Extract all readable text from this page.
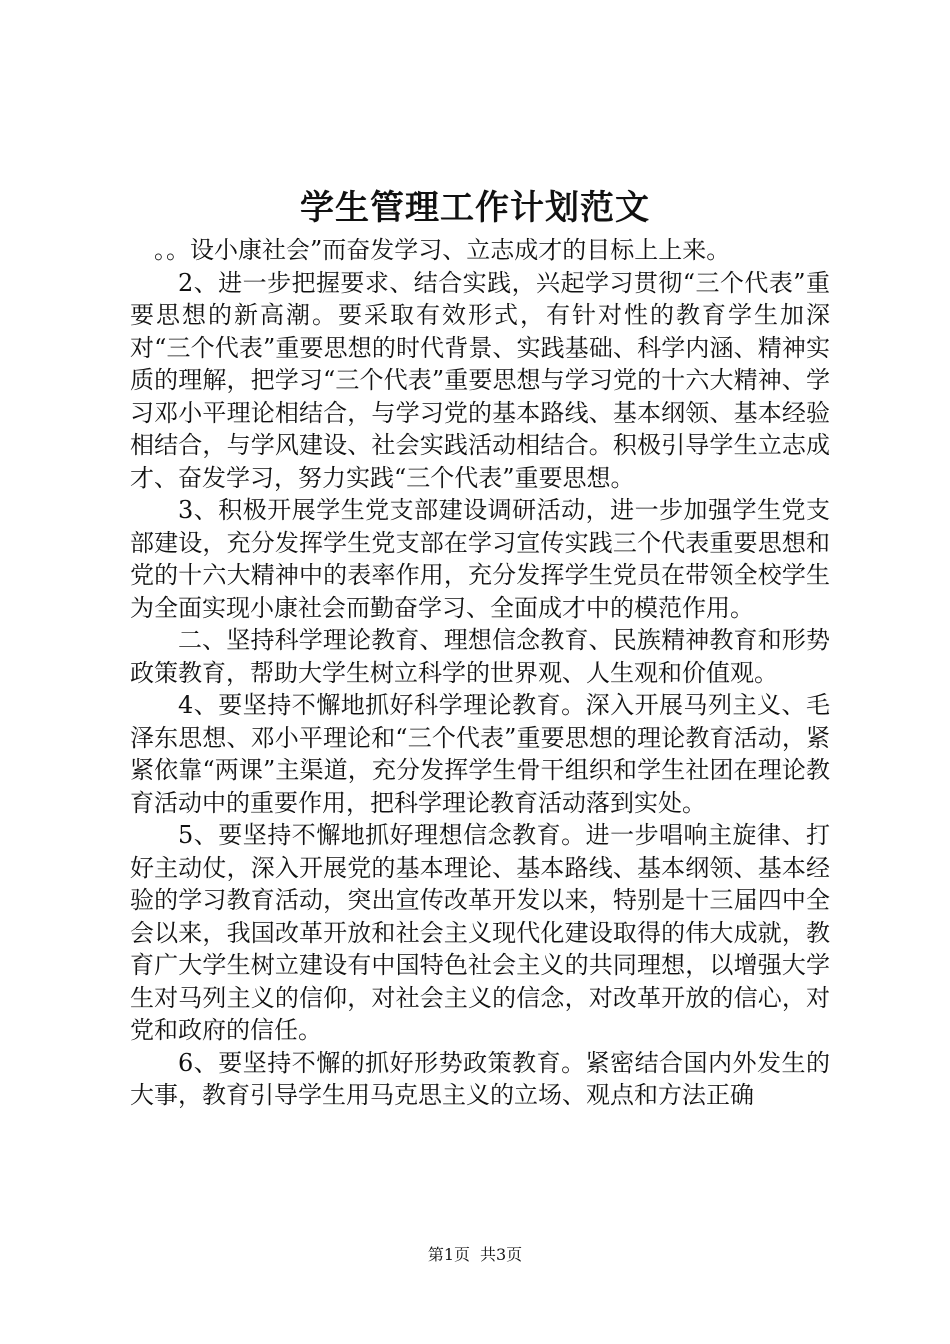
学生管理工作计划范文

。。设小康社会”而奋发学习、立志成才的目标上上来。

2、进一步把握要求、结合实践，兴起学习贯彻“三个代表”重要思想的新高潮。要采取有效形式，有针对性的教育学生加深对“三个代表”重要思想的时代背景、实践基础、科学内涵、精神实质的理解，把学习“三个代表”重要思想与学习党的十六大精神、学习邓小平理论相结合，与学习党的基本路线、基本纲领、基本经验相结合，与学风建设、社会实践活动相结合。积极引导学生立志成才、奋发学习，努力实践“三个代表”重要思想。

3、积极开展学生党支部建设调研活动，进一步加强学生党支部建设，充分发挥学生党支部在学习宣传实践三个代表重要思想和党的十六大精神中的表率作用，充分发挥学生党员在带领全校学生为全面实现小康社会而勤奋学习、全面成才中的模范作用。

二、坚持科学理论教育、理想信念教育、民族精神教育和形势政策教育，帮助大学生树立科学的世界观、人生观和价值观。

4、要坚持不懈地抓好科学理论教育。深入开展马列主义、毛泽东思想、邓小平理论和“三个代表”重要思想的理论教育活动，紧紧依靠“两课”主渠道，充分发挥学生骨干组织和学生社团在理论教育活动中的重要作用，把科学理论教育活动落到实处。

5、要坚持不懈地抓好理想信念教育。进一步唱响主旋律、打好主动仗，深入开展党的基本理论、基本路线、基本纲领、基本经验的学习教育活动，突出宣传改革开发以来，特别是十三届四中全会以来，我国改革开放和社会主义现代化建设取得的伟大成就，教育广大学生树立建设有中国特色社会主义的共同理想，以增强大学生对马列主义的信仰，对社会主义的信念，对改革开放的信心，对党和政府的信任。

6、要坚持不懈的抓好形势政策教育。紧密结合国内外发生的大事，教育引导学生用马克思主义的立场、观点和方法正确

第1页 共3页
